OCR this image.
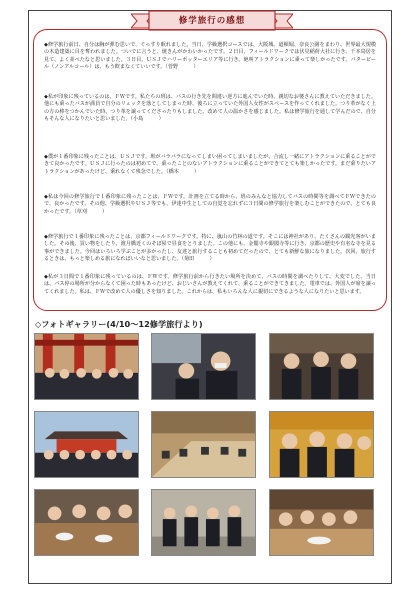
修学旅行の感想

◆修学旅行前日、自分は胸が弾む思いで、ぐっすり眠れました。当日、学級選択コースでは、大阪城、道頓堀、奈良公園をまわり、世界最大規模の木造建築に目を奪われました。ついでに言うと、焼きんがかわいかったです。２日目、フィールドワークでは伏見稲荷大社に行き、千本鳥居を見て、よく並べたなと思いました。３日目、ＵＳＪでハリーポッターエリア等に行き、絶叫アトラクションに乗って楽しかったです。バタービール（ノンアルコール）は、もう飲まなくていいです。（菅野　　　）

◆私が印象に残っているのは、ＦＷです。私たちの班は、バスの行き先を間違い逆方に進んでいた時、親切なお婆さんに教えていただきました。他にも乗ったバスが満員で自分のリュックを落としてしまった時、後ろに立っていた外国人女性がスペースを作ってくれました。つり革がなく上の方の棒をつかんでいた時、つり革を譲ってくださったりもしました。改めて人の温かさを感じました。私は修学旅行を通して学んだので、自分もそんな人になりたいと思いました。（小島　　　）

◆僕が１番印象に残ったことは、ＵＳＪです。班がバラバラになってしまい困ってしまいましたが、合流し一緒にアトラクションに乗ることができて良かったです。ＵＳＪに行ったのは初めてで、乗ったことのないアトラクションに乗ることができてとても楽しかったです。まだ乗りたいアトラクションがあったけど、乗れなくて残念でした。（橋本　　　）

◆私は今回の修学旅行で１番印象に残ったことは、ＦＷです。計画を立てる時から、班のみんなと協力してバスの時間等を調べてＦＷできたので、良かったです。その他、学級選択やＵＳＪ等でも、伊達中生としての自覚を忘れずに３日間の修学旅行を楽しむことができたので、とても良かったです。（草刈　　　）

◆修学旅行で１番印象に残ったことは、京都フィールドワークです。特に、嵐山の竹林の道です。そこには神社があり、たくさんの観光客がいました。その後、買い物をしたり、渡月橋近くのそば屋で昼食をとりました。この他にも、金閣寺や銀閣寺等に行き、京都の歴史や有名な寺を見る事ができました。今回はいろいろ学ぶことが多かったし、友達と旅行することも初めてだったので、とても新鮮な旅になりました。次回、旅行するときは、もっと楽しめる旅になればいいなと思いました。（菊田　　　）

◆私が３日間で１番印象に残っているのは、ＦＷです。修学旅行前から行きたい場所を決めて、バスの時間を調べたりして、大変でした。当日は、バス停の場所が分からなくて困った時もあったけど、おじいさんが教えてくれて、乗ることができてきました。電車では、外国人が席を譲ってくれました。私は、ＦＷで改めて人の優しさを知りました。これからは、私もいろんな人に親切にできるような人になりたいと思います。

◇フォトギャラリー(4/10〜12修学旅行より)
